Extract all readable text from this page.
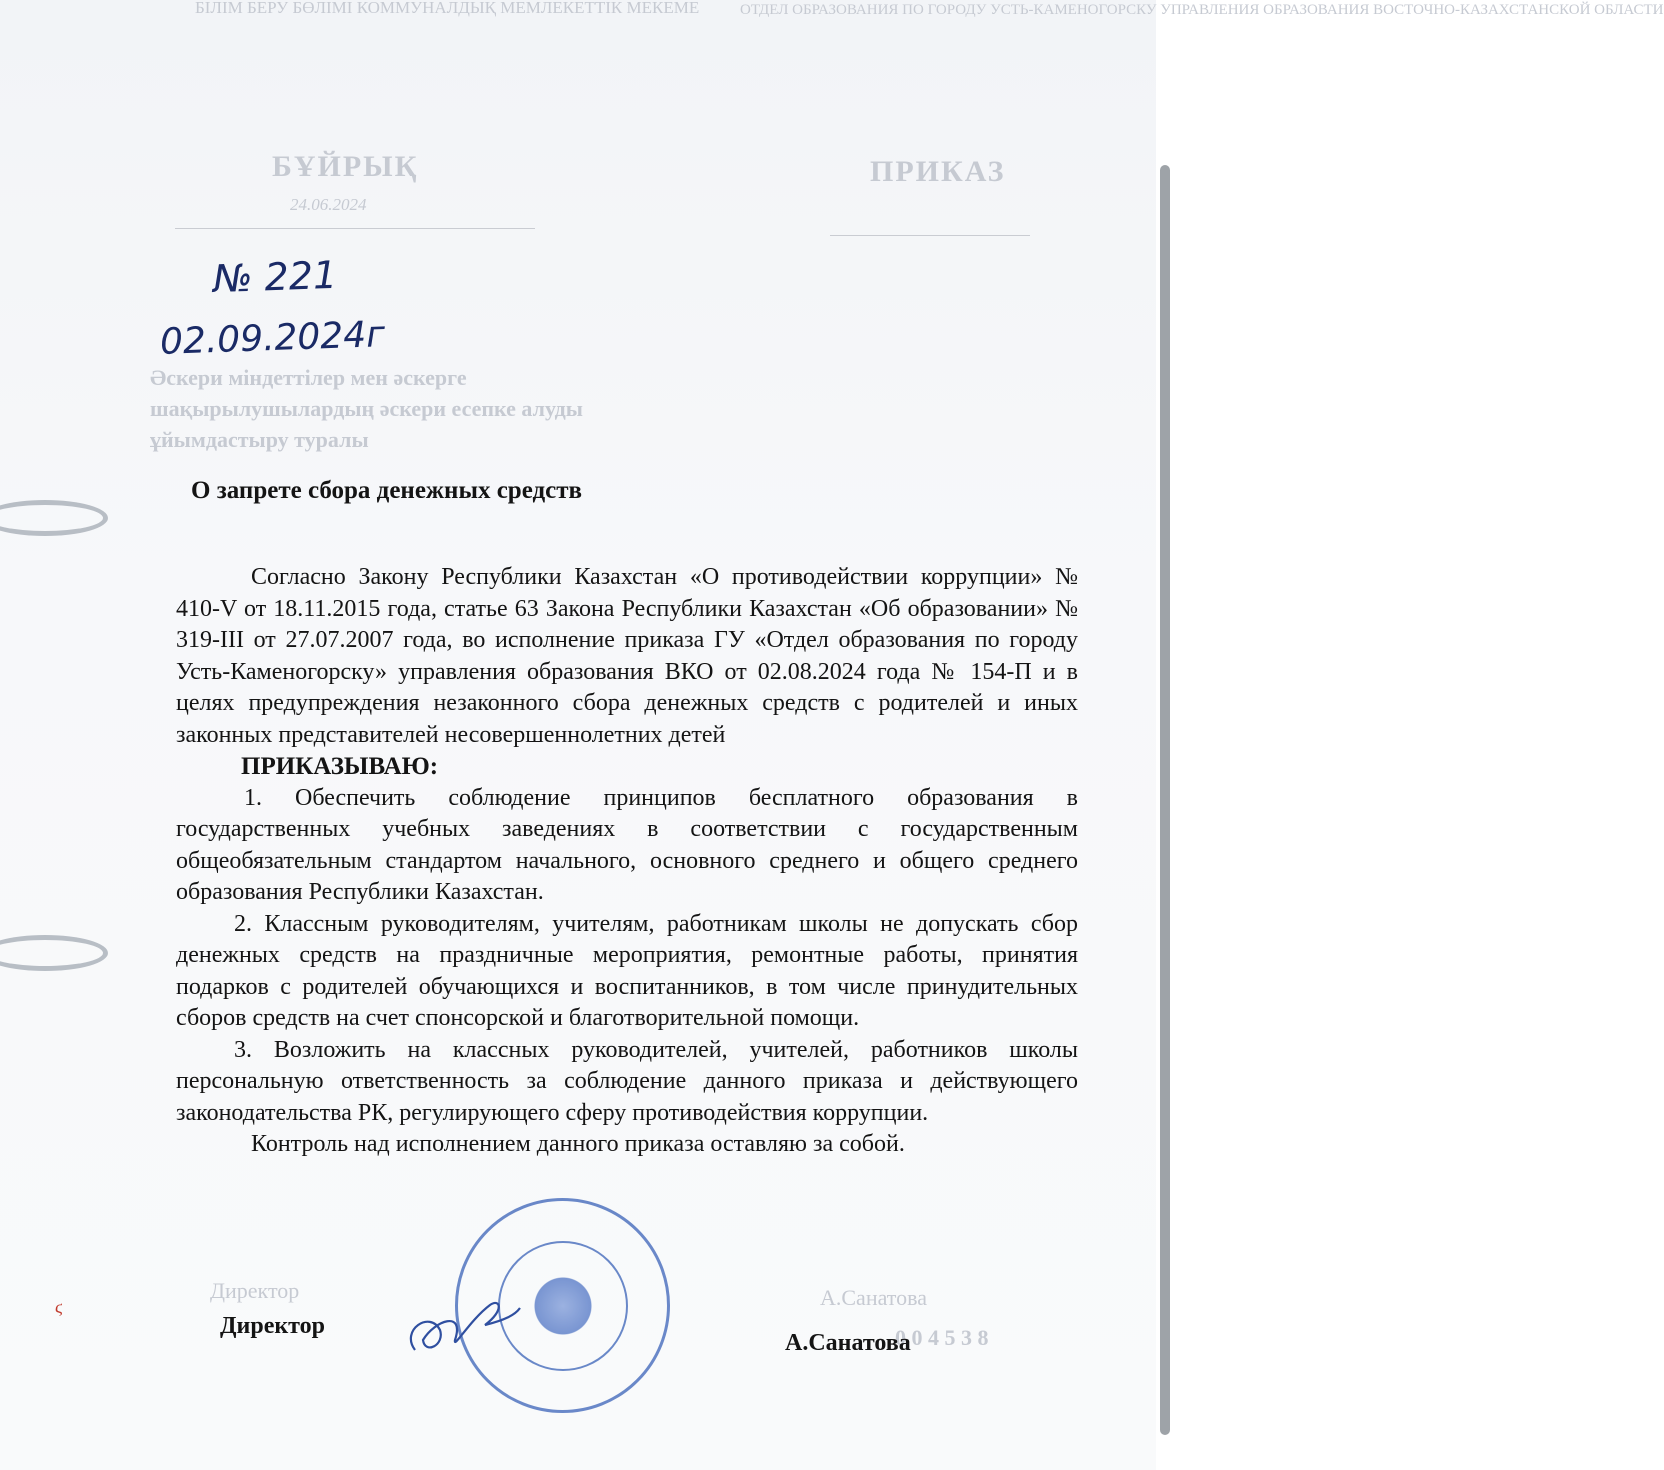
БІЛІМ БЕРУ БӨЛІМІ КОММУНАЛДЫҚ МЕМЛЕКЕТТІК МЕКЕМЕ	ОТДЕЛ ОБРАЗОВАНИЯ ПО ГОРОДУ УСТЬ-КАМЕНОГОРСКУ УПРАВЛЕНИЯ ОБРАЗОВАНИЯ ВОСТОЧНО-КАЗАХСТАНСКОЙ ОБЛАСТИ
БҰЙРЫҚ	ПРИКАЗ
24.06.2024
Әскери міндеттілер мен әскерге шақырылушылардың әскери есепке алуды ұйымдастыру туралы
Директор	А.Санатова
0 0 4 5 3 8
№ 221
02.09.2024г
О запрете сбора денежных средств

Согласно Закону Республики Казахстан «О противодействии коррупции» № 410-V от 18.11.2015 года, статье 63 Закона Республики Казахстан «Об образовании» № 319-III от 27.07.2007 года, во исполнение приказа ГУ «Отдел образования по городу Усть-Каменогорску» управления образования ВКО от 02.08.2024 года № 154-П и в целях предупреждения незаконного сбора денежных средств с родителей и иных законных представителей несовершеннолетних детей

ПРИКАЗЫВАЮ:

1. Обеспечить соблюдение принципов бесплатного образования в государственных учебных заведениях в соответствии с государственным общеобязательным стандартом начального, основного среднего и общего среднего образования Республики Казахстан.

2. Классным руководителям, учителям, работникам школы не допускать сбор денежных средств на праздничные мероприятия, ремонтные работы, принятия подарков с родителей обучающихся и воспитанников, в том числе принудительных сборов средств на счет спонсорской и благотворительной помощи.

3. Возложить на классных руководителей, учителей, работников школы персональную ответственность за соблюдение данного приказа и действующего законодательства РК, регулирующего сферу противодействия коррупции.

Контроль над исполнением данного приказа оставляю за собой.

Директор
А.Санатова
ϛ
